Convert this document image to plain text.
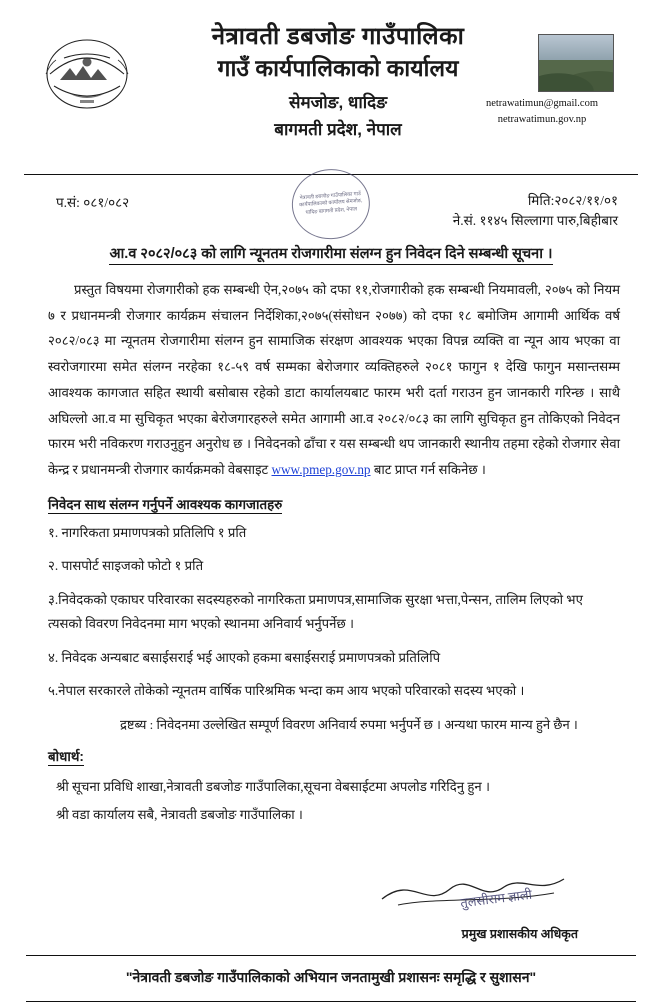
नेत्रावती डबजोङ गाउँपालिका
गाउँ कार्यपालिकाको कार्यालय
सेमजोङ, धादिङ
बागमती प्रदेश, नेपाल
netrawatimun@gmail.com
netrawatimun.gov.np
प.सं: ०८१/०८२	नेत्रावती डबजोङ गाउँपालिका गाउँ कार्यपालिकाको कार्यालय सेमजोङ, धादिङ बागमती प्रदेश, नेपाल
मिति:२०८२/११/०१
ने.सं. ११४५ सिल्लागा पारु,बिहीबार
आ.व २०८२/०८३ को लागि न्यूनतम रोजगारीमा संलग्न हुन निवेदन दिने सम्बन्धी सूचना ।

प्रस्तुत विषयमा रोजगारीको हक सम्बन्धी ऐन,२०७५ को दफा ११,रोजगारीको हक सम्बन्धी नियमावली, २०७५ को नियम ७ र प्रधानमन्त्री रोजगार कार्यक्रम संचालन निर्देशिका,२०७५(संसोधन २०७७) को दफा १८ बमोजिम आगामी आर्थिक वर्ष २०८२/०८३ मा न्यूनतम रोजगारीमा संलग्न हुन सामाजिक संरक्षण आवश्यक भएका विपन्न व्यक्ति वा न्यून आय भएका वा स्वरोजगारमा समेत संलग्न नरहेका १८-५९ वर्ष सम्मका बेरोजगार व्यक्तिहरुले २०८१ फागुन १ देखि फागुन मसान्तसम्म आवश्यक कागजात सहित स्थायी बसोबास रहेको डाटा कार्यालयबाट फारम भरी दर्ता गराउन हुन जानकारी गरिन्छ । साथै अघिल्लो आ.व मा सुचिकृत भएका बेरोजगारहरुले समेत आगामी आ.व २०८२/०८३ का लागि सुचिकृत हुन तोकिएको निवेदन फारम भरी नविकरण गराउनुहुन अनुरोध छ । निवेदनको ढाँचा र यस सम्बन्धी थप जानकारी स्थानीय तहमा रहेको रोजगार सेवा केन्द्र र प्रधानमन्त्री रोजगार कार्यक्रमको वेबसाइट www.pmep.gov.np बाट प्राप्त गर्न सकिनेछ ।

निवेदन साथ संलग्न गर्नुपर्ने आवश्यक कागजातहरु
१. नागरिकता प्रमाणपत्रको प्रतिलिपि १ प्रति
२. पासपोर्ट साइजको फोटो १ प्रति
३.निवेदकको एकाघर परिवारका सदस्यहरुको नागरिकता प्रमाणपत्र,सामाजिक सुरक्षा भत्ता,पेन्सन, तालिम लिएको भए त्यसको विवरण निवेदनमा माग भएको स्थानमा अनिवार्य भर्नुपर्नेछ ।
४. निवेदक अन्यबाट बसाईसराई भई आएको हकमा बसाईसराई प्रमाणपत्रको प्रतिलिपि
५.नेपाल सरकारले तोकेको न्यूनतम वार्षिक पारिश्रमिक भन्दा कम आय भएको परिवारको सदस्य भएको ।
द्रष्टब्य : निवेदनमा उल्लेखित सम्पूर्ण विवरण अनिवार्य रुपमा भर्नुपर्ने छ । अन्यथा फारम मान्य हुने छैन ।
बोधार्थ:
श्री सूचना प्रविधि शाखा,नेत्रावती डबजोङ गाउँपालिका,सूचना वेबसाईटमा अपलोड गरिदिनु हुन ।
श्री वडा कार्यालय सबै, नेत्रावती डबजोङ गाउँपालिका ।
तुलसीराम ज्ञाली
प्रमुख प्रशासकीय अधिकृत
"नेत्रावती डबजोङ गाउँपालिकाको अभियान जनतामुखी प्रशासनः समृद्धि र सुशासन"
